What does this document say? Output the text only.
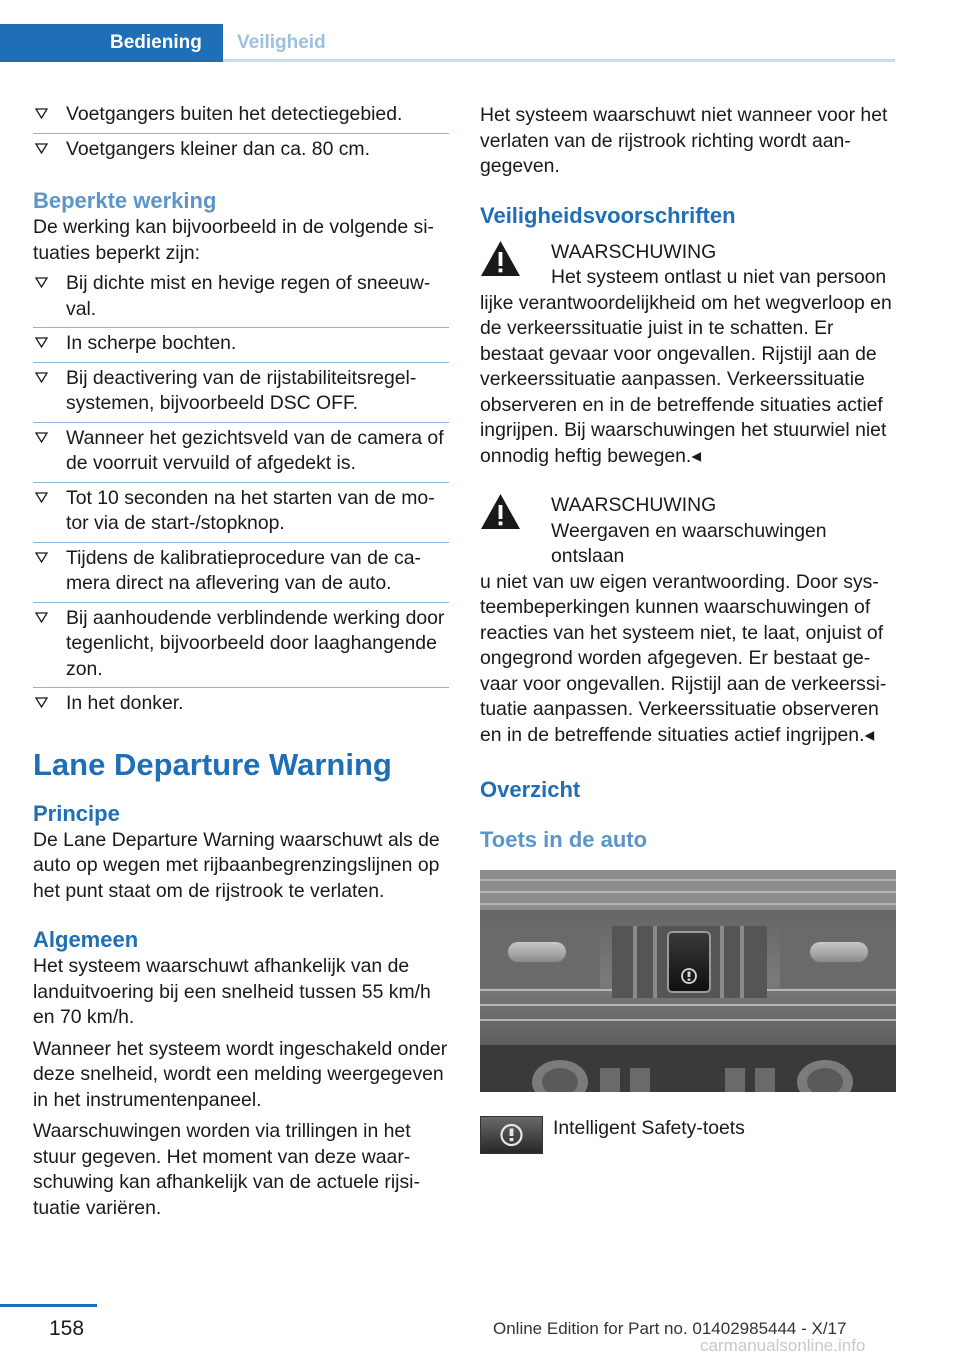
Bediening	Veiligheid
Voetgangers buiten het detectiegebied.
Voetgangers kleiner dan ca. 80 cm.
Beperkte werking

De werking kan bijvoorbeeld in de volgende situaties beperkt zijn:

Bij dichte mist en hevige regen of sneeuwval.
In scherpe bochten.
Bij deactivering van de rijstabiliteitsregelsystemen, bijvoorbeeld DSC OFF.
Wanneer het gezichtsveld van de camera of de voorruit vervuild of afgedekt is.
Tot 10 seconden na het starten van de motor via de start-/stopknop.
Tijdens de kalibratieprocedure van de camera direct na aflevering van de auto.
Bij aanhoudende verblindende werking door tegenlicht, bijvoorbeeld door laaghangende zon.
In het donker.
Lane Departure Warning
Principe

De Lane Departure Warning waarschuwt als de auto op wegen met rijbaanbegrenzingslijnen op het punt staat om de rijstrook te verlaten.

Algemeen

Het systeem waarschuwt afhankelijk van de landuitvoering bij een snelheid tussen 55 km/h en 70 km/h.

Wanneer het systeem wordt ingeschakeld onder deze snelheid, wordt een melding weergegeven in het instrumentenpaneel.

Waarschuwingen worden via trillingen in het stuur gegeven. Het moment van deze waarschuwing kan afhankelijk van de actuele rijsituatie variëren.

Het systeem waarschuwt niet wanneer voor het verlaten van de rijstrook richting wordt aangegeven.

Veiligheidsvoorschriften
WAARSCHUWING
Het systeem ontlast u niet van persoon

lijke verantwoordelijkheid om het wegverloop en de verkeerssituatie juist in te schatten. Er bestaat gevaar voor ongevallen. Rijstijl aan de verkeerssituatie aanpassen. Verkeerssituatie observeren en in de betreffende situaties actief ingrijpen. Bij waarschuwingen het stuurwiel niet onnodig heftig bewegen.◂

WAARSCHUWING
Weergaven en waarschuwingen ontslaan

u niet van uw eigen verantwoording. Door systeembeperkingen kunnen waarschuwingen of reacties van het systeem niet, te laat, onjuist of ongegrond worden afgegeven. Er bestaat gevaar voor ongevallen. Rijstijl aan de verkeerssituatie aanpassen. Verkeerssituatie observeren en in de betreffende situaties actief ingrijpen.◂

Overzicht
Toets in de auto
Intelligent Safety-toets
158	Online Edition for Part no. 01402985444 - X/17
carmanualsonline.info
